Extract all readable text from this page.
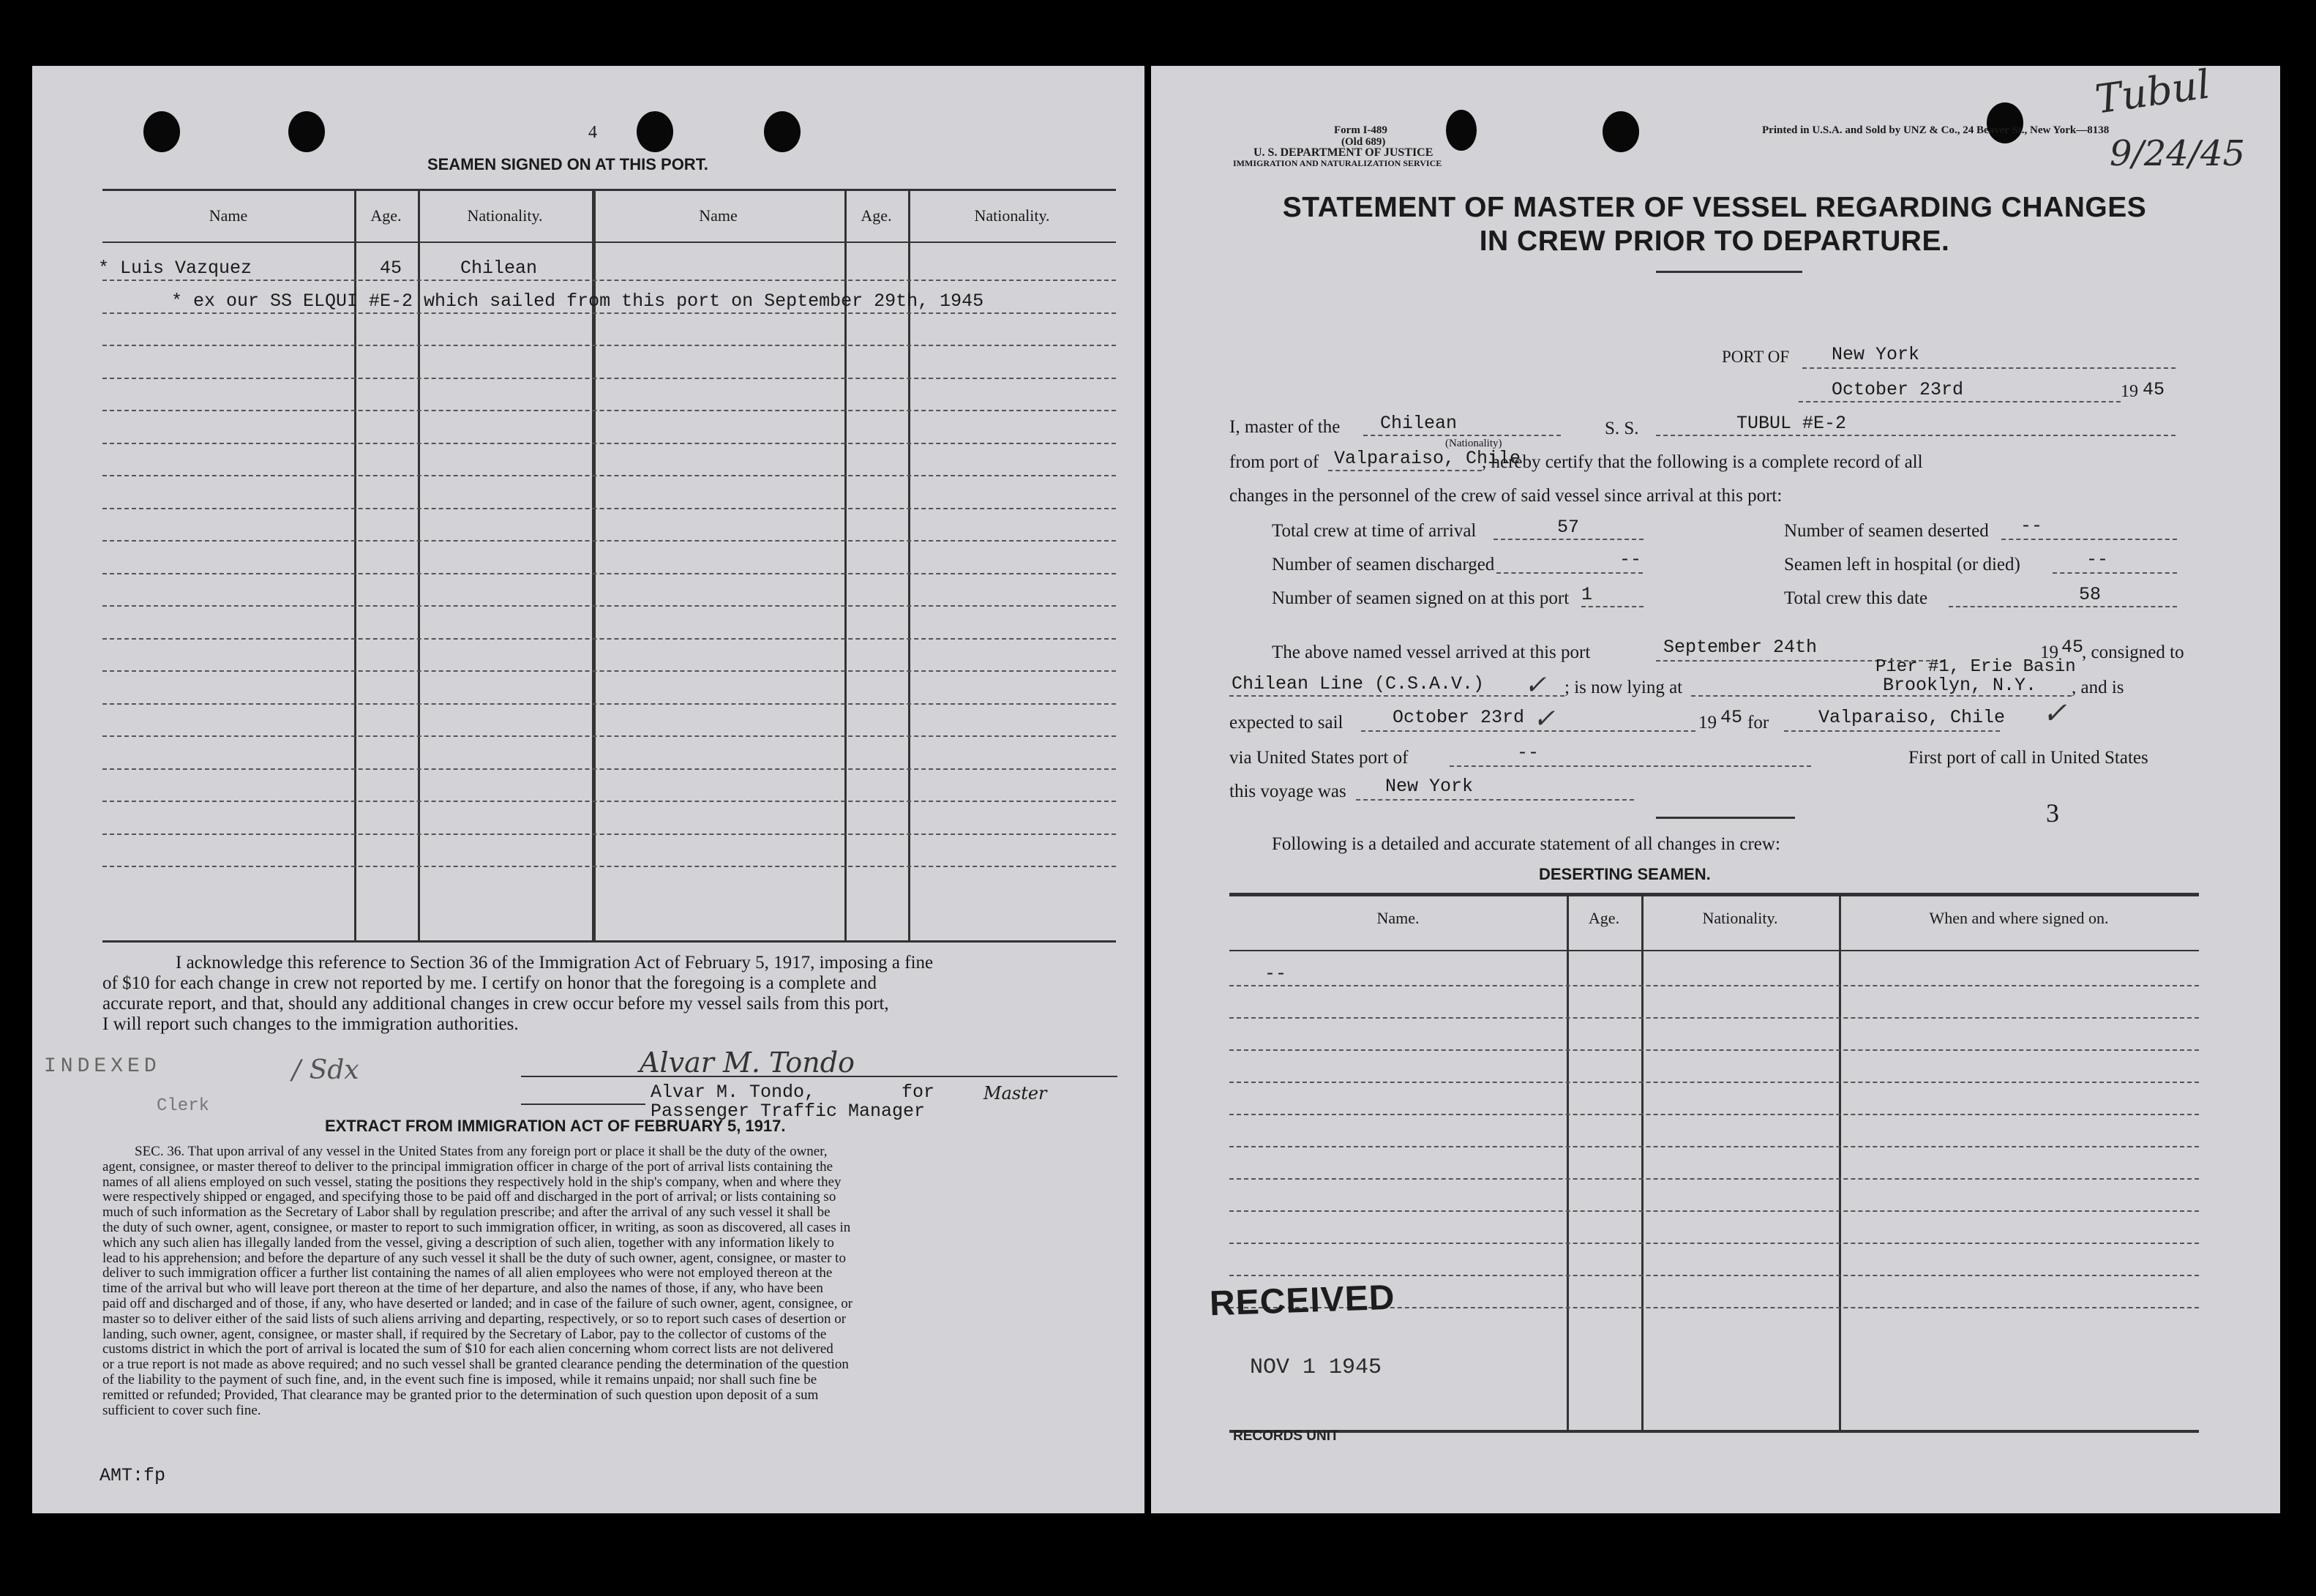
4
SEAMEN SIGNED ON AT THIS PORT.
Name	Age.	Nationality.	Name	Age.	Nationality.
* Luis Vazquez	45	Chilean
* ex our SS ELQUI #E-2 which sailed from this port on September 29th, 1945
I acknowledge this reference to Section 36 of the Immigration Act of February 5, 1917, imposing a fine
of $10 for each change in crew not reported by me. I certify on honor that the foregoing is a complete and
accurate report, and that, should any additional changes in crew occur before my vessel sails from this port,
I will report such changes to the immigration authorities.
INDEXED
Clerk
/ Sdx	Alvar M. Tondo
Alvar M. Tondo,	for	Master
Passenger Traffic Manager
EXTRACT FROM IMMIGRATION ACT OF FEBRUARY 5, 1917.
SEC. 36. That upon arrival of any vessel in the United States from any foreign port or place it shall be the duty of the owner,
agent, consignee, or master thereof to deliver to the principal immigration officer in charge of the port of arrival lists containing the
names of all aliens employed on such vessel, stating the positions they respectively hold in the ship's company, when and where they
were respectively shipped or engaged, and specifying those to be paid off and discharged in the port of arrival; or lists containing so
much of such information as the Secretary of Labor shall by regulation prescribe; and after the arrival of any such vessel it shall be
the duty of such owner, agent, consignee, or master to report to such immigration officer, in writing, as soon as discovered, all cases in
which any such alien has illegally landed from the vessel, giving a description of such alien, together with any information likely to
lead to his apprehension; and before the departure of any such vessel it shall be the duty of such owner, agent, consignee, or master to
deliver to such immigration officer a further list containing the names of all alien employees who were not employed thereon at the
time of the arrival but who will leave port thereon at the time of her departure, and also the names of those, if any, who have been
paid off and discharged and of those, if any, who have deserted or landed; and in case of the failure of such owner, agent, consignee, or
master so to deliver either of the said lists of such aliens arriving and departing, respectively, or so to report such cases of desertion or
landing, such owner, agent, consignee, or master shall, if required by the Secretary of Labor, pay to the collector of customs of the
customs district in which the port of arrival is located the sum of $10 for each alien concerning whom correct lists are not delivered
or a true report is not made as above required; and no such vessel shall be granted clearance pending the determination of the question
of the liability to the payment of such fine, and, in the event such fine is imposed, while it remains unpaid; nor shall such fine be
remitted or refunded; Provided, That clearance may be granted prior to the determination of such question upon deposit of a sum
sufficient to cover such fine.
AMT:fp
Form I-489
(Old 689)
U. S. DEPARTMENT OF JUSTICE
IMMIGRATION AND NATURALIZATION SERVICE
Printed in U.S.A. and Sold by UNZ & Co., 24 Beaver St., New York—8138
Tubul
9/24/45
STATEMENT OF MASTER OF VESSEL REGARDING CHANGES
IN CREW PRIOR TO DEPARTURE.
PORT OF New York
October 23rd	19 45
I, master of the Chilean
(Nationality)
S. S.	TUBUL #E-2
from port of Valparaiso, Chile
, hereby certify that the following is a complete record of all
changes in the personnel of the crew of said vessel since arrival at this port:
Total crew at time of arrival	57	Number of seamen deserted --
Number of seamen discharged	--	Seamen left in hospital (or died)	--
Number of seamen signed on at this port 1	Total crew this date	58
The above named vessel arrived at this port	September 24th	19 45
, consigned to
Chilean Line (C.S.A.V.) ✓ ; is now lying at
Pier #1, Erie Basin
Brooklyn, N.Y. , and is
expected to sail	October 23rd ✓	19 45 for	Valparaiso, Chile ✓
via United States port of	--	First port of call in United States
this voyage was New York
3
Following is a detailed and accurate statement of all changes in crew:
DESERTING SEAMEN.
Name.	Age.	Nationality.	When and where signed on.
--
RECEIVED
NOV 1 1945
RECORDS UNIT
